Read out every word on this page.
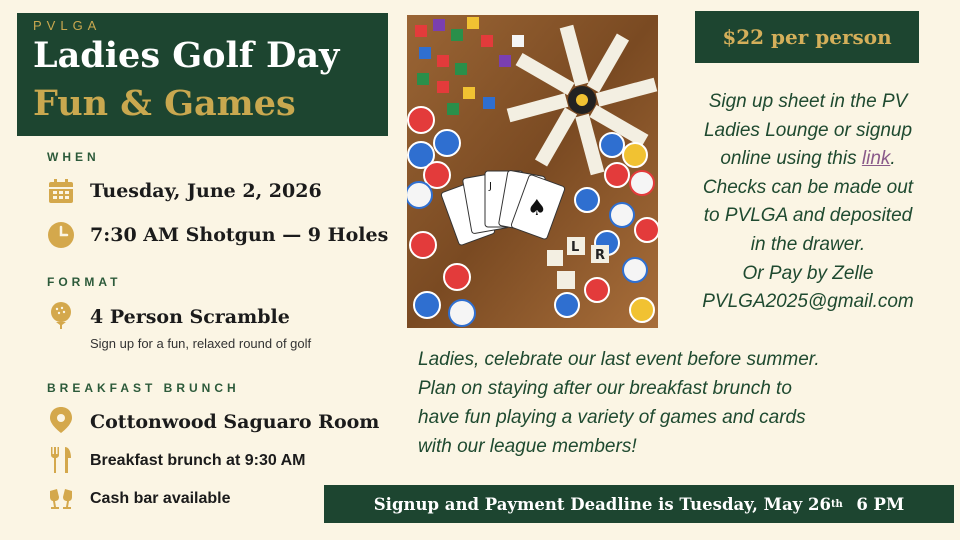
PVLGA
Ladies Golf Day
Fun & Games
WHEN
Tuesday, June 2, 2026
7:30 AM Shotgun — 9 Holes
FORMAT
4 Person Scramble
Sign up for a fun, relaxed round of golf
BREAKFAST BRUNCH
Cottonwood Saguaro Room
Breakfast brunch at 9:30 AM
Cash bar available
♠
J
L
R
$22 per person
Sign up sheet in the PV
Ladies Lounge or signup
online using this link.
Checks can be made out
to PVLGA and deposited
in the drawer.
Or Pay by Zelle
PVLGA2025@gmail.com
Ladies, celebrate our last event before summer.
Plan on staying after our breakfast brunch to
have fun playing a variety of games and cards
with our league members!
Signup and Payment Deadline is Tuesday, May 26 th 6 PM
